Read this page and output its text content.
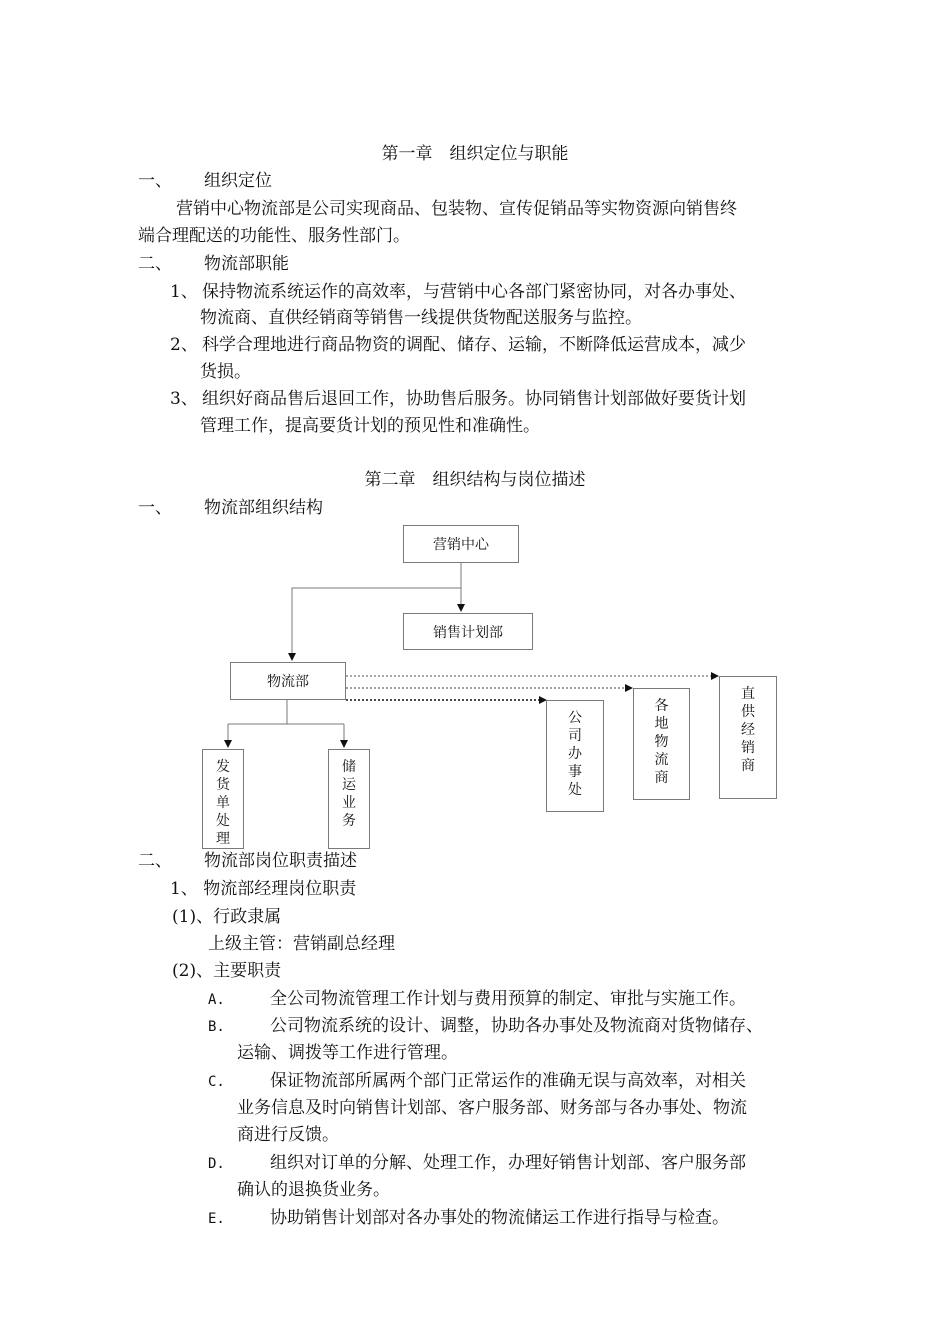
第一章　组织定位与职能
一、 组织定位
营销中心物流部是公司实现商品、包装物、宣传促销品等实物资源向销售终
端合理配送的功能性、服务性部门。
二、 物流部职能
1、 保持物流系统运作的高效率，与营销中心各部门紧密协同，对各办事处、
物流商、直供经销商等销售一线提供货物配送服务与监控。
2、 科学合理地进行商品物资的调配、储存、运输，不断降低运营成本，减少
货损。
3、 组织好商品售后退回工作，协助售后服务。协同销售计划部做好要货计划
管理工作，提高要货计划的预见性和准确性。
第二章　组织结构与岗位描述
一、 物流部组织结构
营销中心
销售计划部
物流部
公司办事处
各地物流商
直供经销商
发货单处理
储运业务
二、 物流部岗位职责描述
1、 物流部经理岗位职责
(1)、行政隶属
上级主管：营销副总经理
(2)、主要职责
A.	全公司物流管理工作计划与费用预算的制定、审批与实施工作。
B.	公司物流系统的设计、调整，协助各办事处及物流商对货物储存、
运输、调拨等工作进行管理。
C.	保证物流部所属两个部门正常运作的准确无误与高效率，对相关
业务信息及时向销售计划部、客户服务部、财务部与各办事处、物流
商进行反馈。
D.	组织对订单的分解、处理工作，办理好销售计划部、客户服务部
确认的退换货业务。
E.	协助销售计划部对各办事处的物流储运工作进行指导与检查。
